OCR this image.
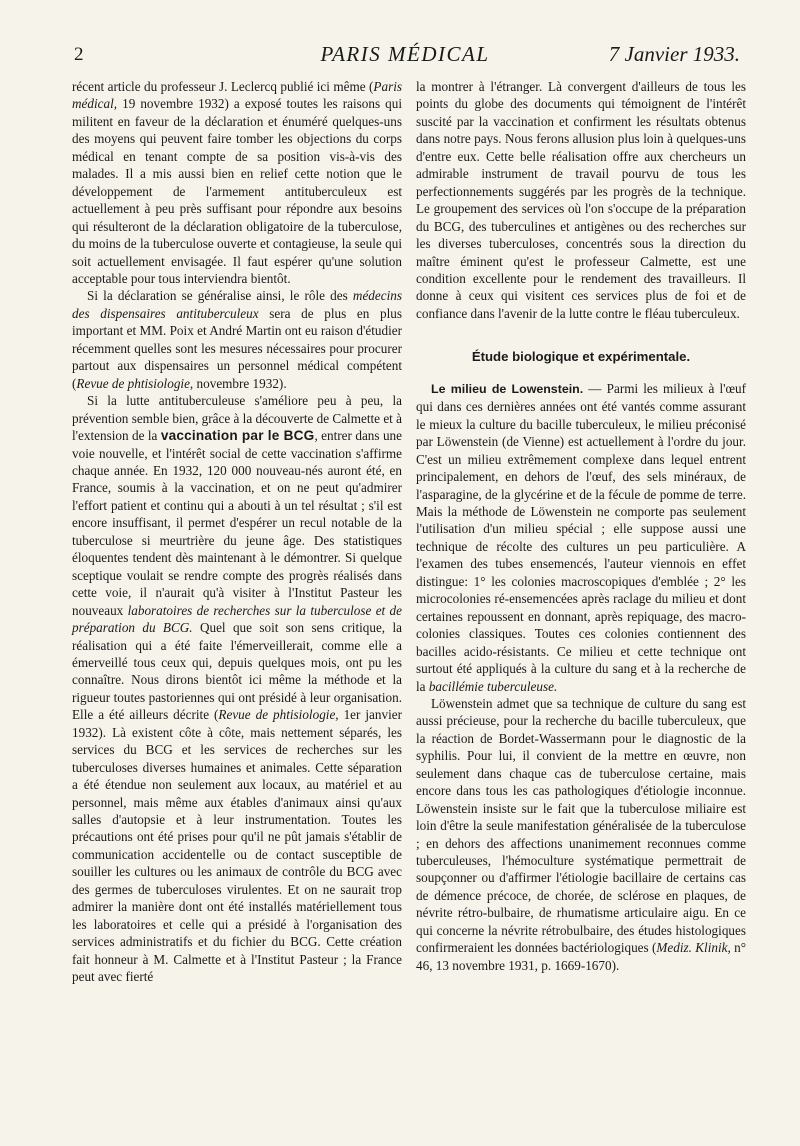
2	PARIS MÉDICAL	7 Janvier 1933.

récent article du professeur J. Leclercq publié ici même (Paris médical, 19 novembre 1932) a exposé toutes les raisons qui militent en faveur de la déclaration et énuméré quelques-uns des moyens qui peuvent faire tomber les objections du corps médical en tenant compte de sa position vis-à-vis des malades. Il a mis aussi bien en relief cette notion que le développement de l'armement antituberculeux est actuellement à peu près suffisant pour répondre aux besoins qui résulteront de la déclaration obligatoire de la tuberculose, du moins de la tuberculose ouverte et contagieuse, la seule qui soit actuellement envisagée. Il faut espérer qu'une solution acceptable pour tous interviendra bientôt.

Si la déclaration se généralise ainsi, le rôle des médecins des dispensaires antituberculeux sera de plus en plus important et MM. Poix et André Martin ont eu raison d'étudier récemment quelles sont les mesures nécessaires pour procurer partout aux dispensaires un personnel médical compétent (Revue de phtisiologie, novembre 1932).

Si la lutte antituberculeuse s'améliore peu à peu, la prévention semble bien, grâce à la découverte de Calmette et à l'extension de la vaccination par le BCG, entrer dans une voie nouvelle, et l'intérêt social de cette vaccination s'affirme chaque année. En 1932, 120 000 nouveau-nés auront été, en France, soumis à la vaccination, et on ne peut qu'admirer l'effort patient et continu qui a abouti à un tel résultat ; s'il est encore insuffisant, il permet d'espérer un recul notable de la tuberculose si meurtrière du jeune âge. Des statistiques éloquentes tendent dès maintenant à le démontrer. Si quelque sceptique voulait se rendre compte des progrès réalisés dans cette voie, il n'aurait qu'à visiter à l'Institut Pasteur les nouveaux laboratoires de recherches sur la tuberculose et de préparation du BCG. Quel que soit son sens critique, la réalisation qui a été faite l'émerveillerait, comme elle a émerveillé tous ceux qui, depuis quelques mois, ont pu les connaître. Nous dirons bientôt ici même la méthode et la rigueur toutes pastoriennes qui ont présidé à leur organisation. Elle a été ailleurs décrite (Revue de phtisiologie, 1er janvier 1932). Là existent côte à côte, mais nettement séparés, les services du BCG et les services de recherches sur les tuberculoses diverses humaines et animales. Cette séparation a été étendue non seulement aux locaux, au matériel et au personnel, mais même aux étables d'animaux ainsi qu'aux salles d'autopsie et à leur instrumentation. Toutes les précautions ont été prises pour qu'il ne pût jamais s'établir de communication accidentelle ou de contact susceptible de souiller les cultures ou les animaux de contrôle du BCG avec des germes de tuberculoses virulentes. Et on ne saurait trop admirer la manière dont ont été installés matériellement tous les laboratoires et celle qui a présidé à l'organisation des services administratifs et du fichier du BCG. Cette création fait honneur à M. Calmette et à l'Institut Pasteur ; la France peut avec fierté

la montrer à l'étranger. Là convergent d'ailleurs de tous les points du globe des documents qui témoignent de l'intérêt suscité par la vaccination et confirment les résultats obtenus dans notre pays. Nous ferons allusion plus loin à quelques-uns d'entre eux. Cette belle réalisation offre aux chercheurs un admirable instrument de travail pourvu de tous les perfectionnements suggérés par les progrès de la technique. Le groupement des services où l'on s'occupe de la préparation du BCG, des tuberculines et antigènes ou des recherches sur les diverses tuberculoses, concentrés sous la direction du maître éminent qu'est le professeur Calmette, est une condition excellente pour le rendement des travailleurs. Il donne à ceux qui visitent ces services plus de foi et de confiance dans l'avenir de la lutte contre le fléau tuberculeux.

Étude biologique et expérimentale.

Le milieu de Lowenstein. — Parmi les milieux à l'œuf qui dans ces dernières années ont été vantés comme assurant le mieux la culture du bacille tuberculeux, le milieu préconisé par Löwenstein (de Vienne) est actuellement à l'ordre du jour. C'est un milieu extrêmement complexe dans lequel entrent principalement, en dehors de l'œuf, des sels minéraux, de l'asparagine, de la glycérine et de la fécule de pomme de terre. Mais la méthode de Löwenstein ne comporte pas seulement l'utilisation d'un milieu spécial ; elle suppose aussi une technique de récolte des cultures un peu particulière. A l'examen des tubes ensemencés, l'auteur viennois en effet distingue: 1° les colonies macroscopiques d'emblée ; 2° les microcolonies ré-ensemencées après raclage du milieu et dont certaines repoussent en donnant, après repiquage, des macro-colonies classiques. Toutes ces colonies contiennent des bacilles acido-résistants. Ce milieu et cette technique ont surtout été appliqués à la culture du sang et à la recherche de la bacillémie tuberculeuse.

Löwenstein admet que sa technique de culture du sang est aussi précieuse, pour la recherche du bacille tuberculeux, que la réaction de Bordet-Wassermann pour le diagnostic de la syphilis. Pour lui, il convient de la mettre en œuvre, non seulement dans chaque cas de tuberculose certaine, mais encore dans tous les cas pathologiques d'étiologie inconnue. Löwenstein insiste sur le fait que la tuberculose miliaire est loin d'être la seule manifestation généralisée de la tuberculose ; en dehors des affections unanimement reconnues comme tuberculeuses, l'hémoculture systématique permettrait de soupçonner ou d'affirmer l'étiologie bacillaire de certains cas de démence précoce, de chorée, de sclérose en plaques, de névrite rétro-bulbaire, de rhumatisme articulaire aigu. En ce qui concerne la névrite rétrobulbaire, des études histologiques confirmeraient les données bactériologiques (Mediz. Klinik, n° 46, 13 novembre 1931, p. 1669-1670).
